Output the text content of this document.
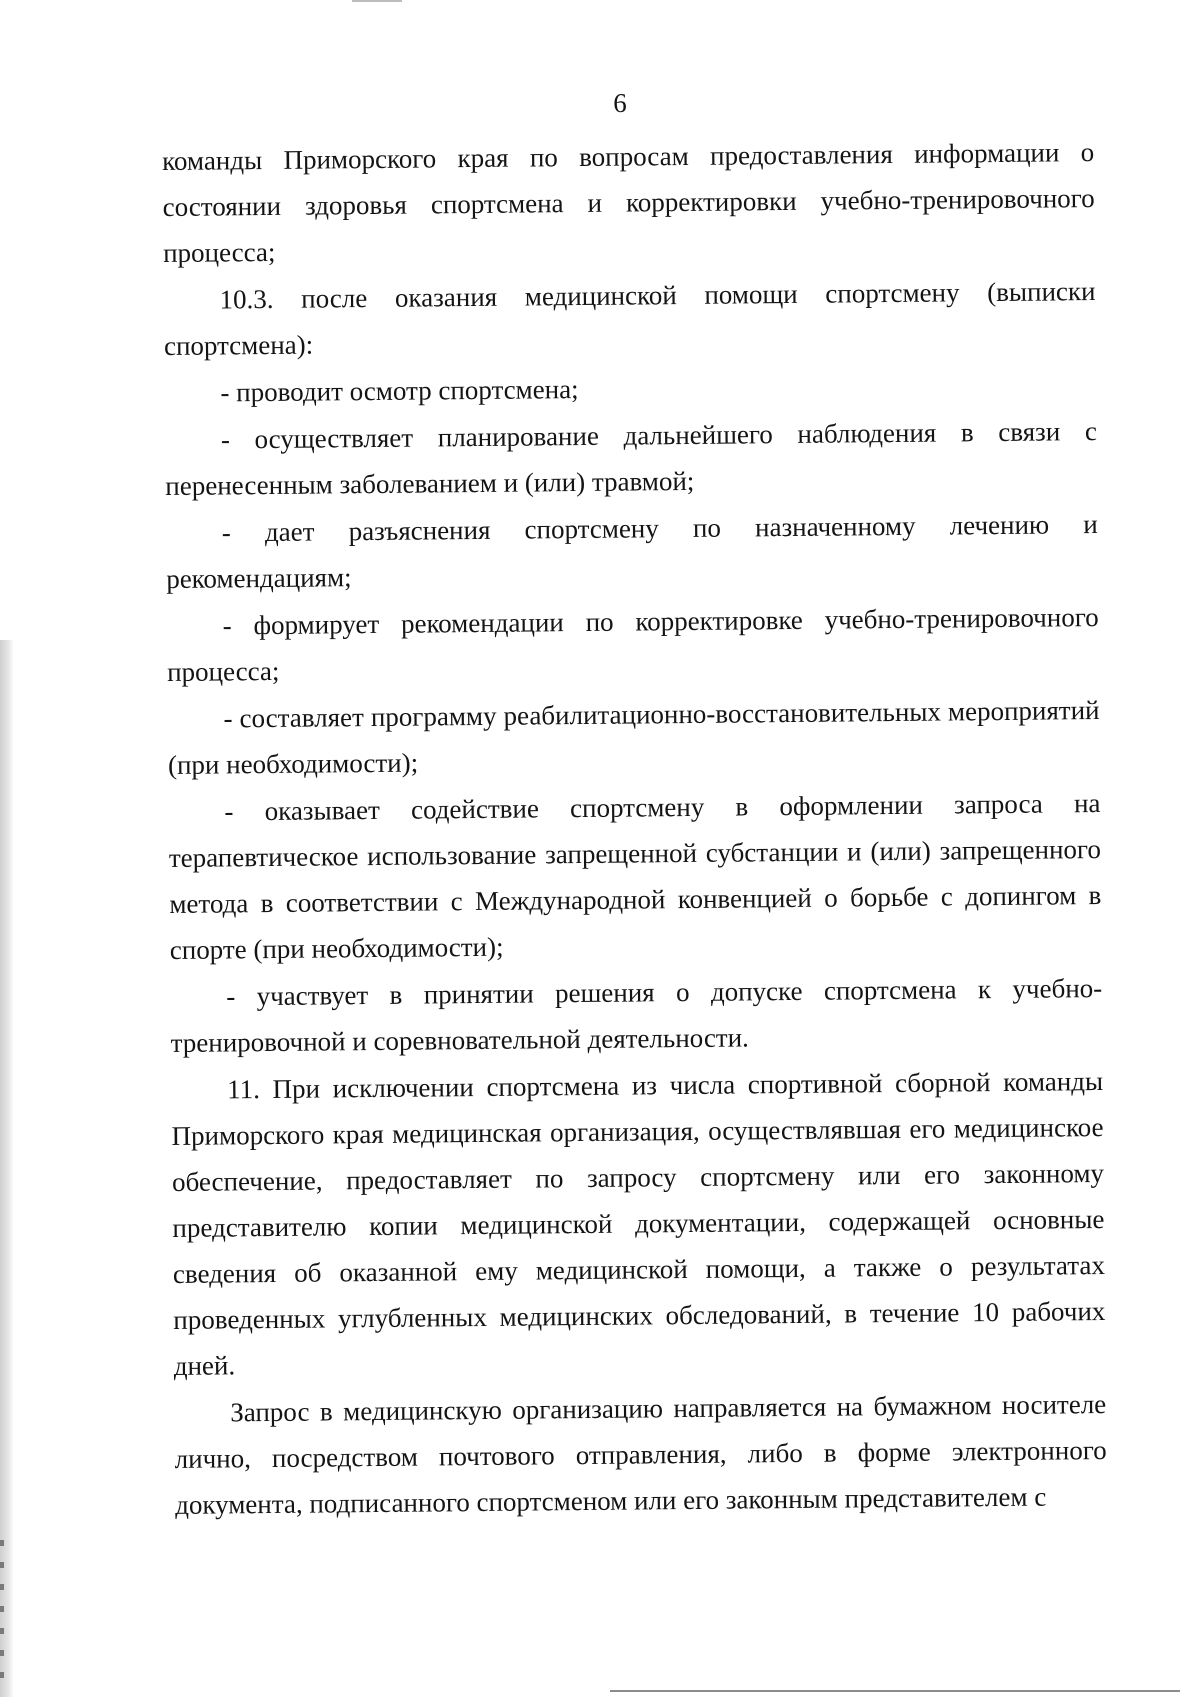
6

команды Приморского края по вопросам предоставления информации о состоянии здоровья спортсмена и корректировки учебно-тренировочного процесса;

10.3. после оказания медицинской помощи спортсмену (выписки спортсмена):

- проводит осмотр спортсмена;

- осуществляет планирование дальнейшего наблюдения в связи с перенесенным заболеванием и (или) травмой;

- дает разъяснения спортсмену по назначенному лечению и рекомендациям;

- формирует рекомендации по корректировке учебно-тренировочного процесса;

- составляет программу реабилитационно-восстановительных мероприятий (при необходимости);

- оказывает содействие спортсмену в оформлении запроса на терапевтическое использование запрещенной субстанции и (или) запрещенного метода в соответствии с Международной конвенцией о борьбе с допингом в спорте (при необходимости);

- участвует в принятии решения о допуске спортсмена к учебно-тренировочной и соревновательной деятельности.

11. При исключении спортсмена из числа спортивной сборной команды Приморского края медицинская организация, осуществлявшая его медицинское обеспечение, предоставляет по запросу спортсмену или его законному представителю копии медицинской документации, содержащей основные сведения об оказанной ему медицинской помощи, а также о результатах проведенных углубленных медицинских обследований, в течение 10 рабочих дней.

Запрос в медицинскую организацию направляется на бумажном носителе лично, посредством почтового отправления, либо в форме электронного документа, подписанного спортсменом или его законным представителем с
